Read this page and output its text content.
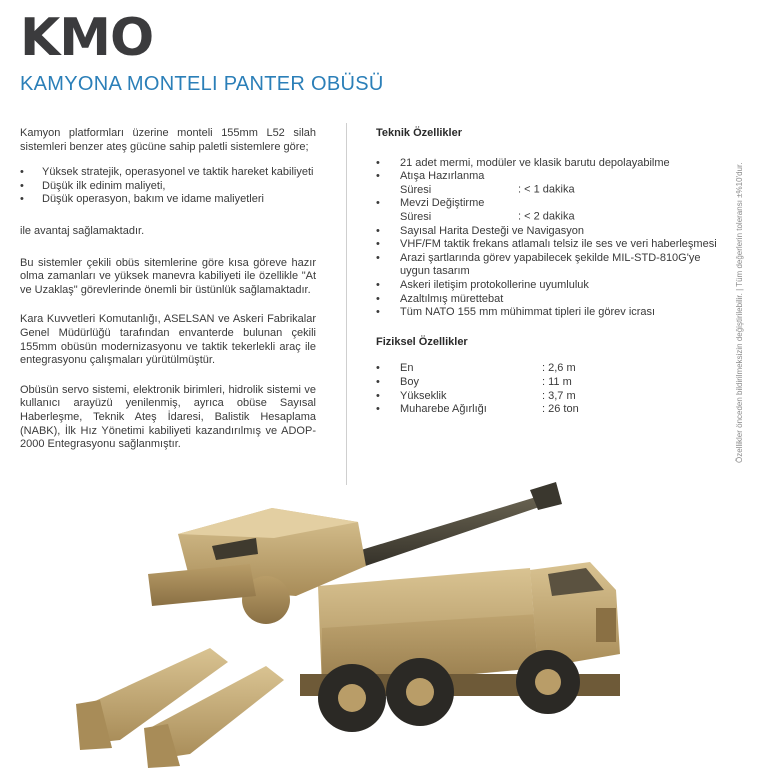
KMO
KAMYONA MONTELI PANTER OBÜSÜ

Kamyon platformları üzerine monteli 155mm L52 silah sistemleri benzer ateş gücüne sahip paletli sistemlere göre;

• Yüksek stratejik, operasyonel ve taktik hareket kabiliyeti
• Düşük ilk edinim maliyeti,
• Düşük operasyon, bakım ve idame maliyetleri

ile avantaj sağlamaktadır.

Bu sistemler çekili obüs sitemlerine göre kısa göreve hazır olma zamanları ve yüksek manevra kabiliyeti ile özellikle "At ve Uzaklaş" görevlerinde önemli bir üstünlük sağlamaktadır.

Kara Kuvvetleri Komutanlığı, ASELSAN ve Askeri Fabrikalar Genel Müdürlüğü tarafından envanterde bulunan çekili 155mm obüsün modernizasyonu ve taktik tekerlekli araç ile entegrasyonu çalışmaları yürütülmüştür.

Obüsün servo sistemi, elektronik birimleri, hidrolik sistemi ve kullanıcı arayüzü yenilenmiş, ayrıca obüse Sayısal Haberleşme, Teknik Ateş İdaresi, Balistik Hesaplama (NABK), İlk Hız Yönetimi kabiliyeti kazandırılmış ve ADOP-2000 Entegrasyonu sağlanmıştır.

Teknik Özellikler
• 21 adet mermi, modüler ve klasik barutu depolayabilme
• Atışa Hazırlanma Süresi	: < 1 dakika
• Mevzi Değiştirme Süresi	: < 2 dakika
• Sayısal Harita Desteği ve Navigasyon
• VHF/FM taktik frekans atlamalı telsiz ile ses ve veri haberleşmesi
• Arazi şartlarında görev yapabilecek şekilde MIL-STD-810G'ye uygun tasarım
• Askeri iletişim protokollerine uyumluluk
• Azaltılmış mürettebat
• Tüm NATO 155 mm mühimmat tipleri ile görev icrası
Fiziksel Özellikler
• En	: 2,6 m
• Boy	: 11 m
• Yükseklik	: 3,7 m
• Muharebe Ağırlığı	: 26 ton	Özellikler önceden bildirilmeksizin değiştirilebilir. | Tüm değerlerin toleransı ±%10'dur.
